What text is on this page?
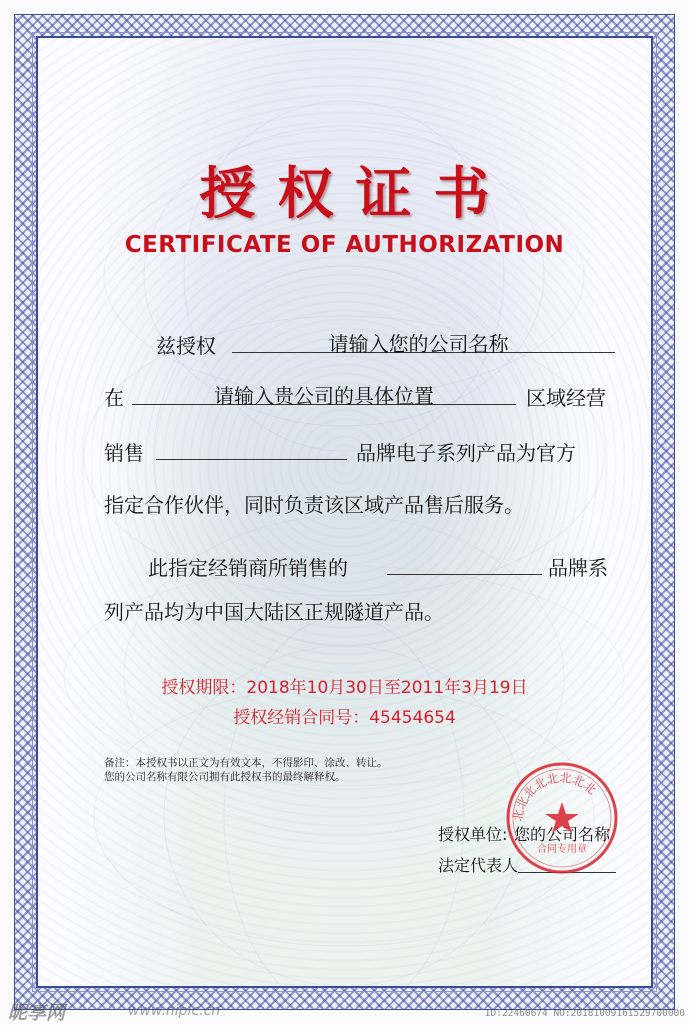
授权证书
CERTIFICATE OF AUTHORIZATION
兹授权	请输入您的公司名称
在	请输入贵公司的具体位置	区域经营
销售	品牌电子系列产品为官方
指定合作伙伴，同时负责该区域产品售后服务。
此指定经销商所销售的	品牌系
列产品均为中国大陆区正规隧道产品。
授权期限：2018年10月30日至2011年3月19日
授权经销合同号：45454654
备注：本授权书以正文为有效文本，不得影印、涂改、转让。
您的公司名称有限公司拥有此授权书的最终解释权。
授权单位: 您的公司名称
法定代表人
北北北北北北北北
合同专用章
昵享网	www.nipic.cn	ID:22460674 NO:20181009161529700000
